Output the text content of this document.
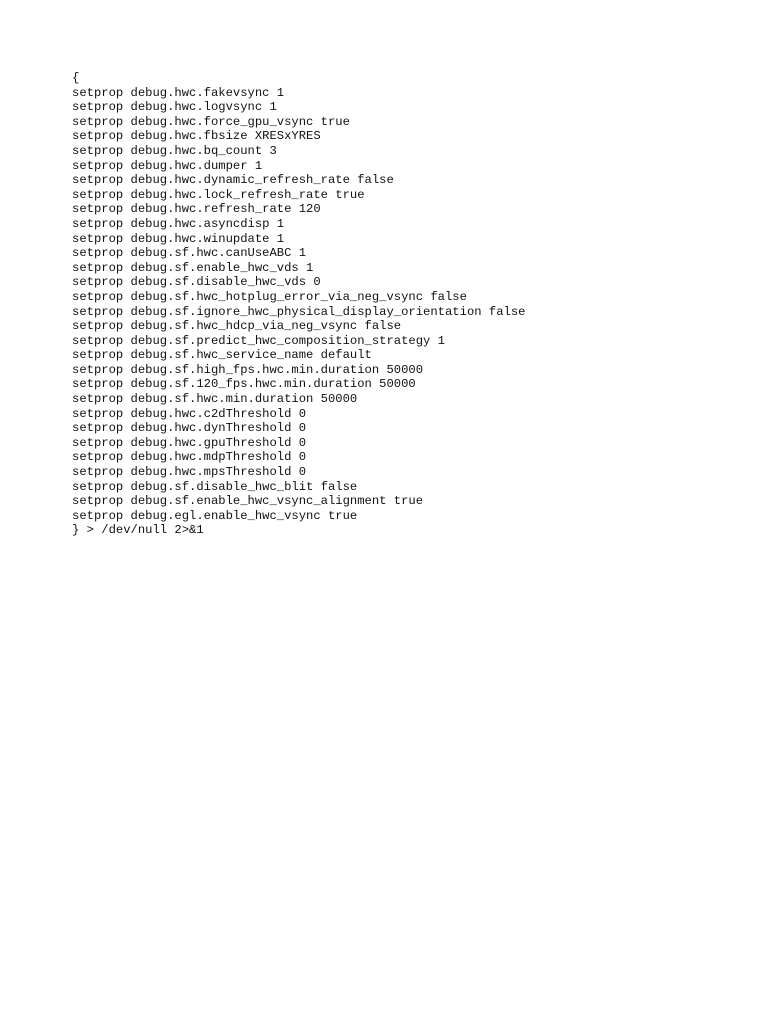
{
setprop debug.hwc.fakevsync 1
setprop debug.hwc.logvsync 1
setprop debug.hwc.force_gpu_vsync true
setprop debug.hwc.fbsize XRESxYRES
setprop debug.hwc.bq_count 3
setprop debug.hwc.dumper 1
setprop debug.hwc.dynamic_refresh_rate false
setprop debug.hwc.lock_refresh_rate true
setprop debug.hwc.refresh_rate 120
setprop debug.hwc.asyncdisp 1
setprop debug.hwc.winupdate 1
setprop debug.sf.hwc.canUseABC 1
setprop debug.sf.enable_hwc_vds 1
setprop debug.sf.disable_hwc_vds 0
setprop debug.sf.hwc_hotplug_error_via_neg_vsync false
setprop debug.sf.ignore_hwc_physical_display_orientation false
setprop debug.sf.hwc_hdcp_via_neg_vsync false
setprop debug.sf.predict_hwc_composition_strategy 1
setprop debug.sf.hwc_service_name default
setprop debug.sf.high_fps.hwc.min.duration 50000
setprop debug.sf.120_fps.hwc.min.duration 50000
setprop debug.sf.hwc.min.duration 50000
setprop debug.hwc.c2dThreshold 0
setprop debug.hwc.dynThreshold 0
setprop debug.hwc.gpuThreshold 0
setprop debug.hwc.mdpThreshold 0
setprop debug.hwc.mpsThreshold 0
setprop debug.sf.disable_hwc_blit false
setprop debug.sf.enable_hwc_vsync_alignment true
setprop debug.egl.enable_hwc_vsync true
} > /dev/null 2>&1
